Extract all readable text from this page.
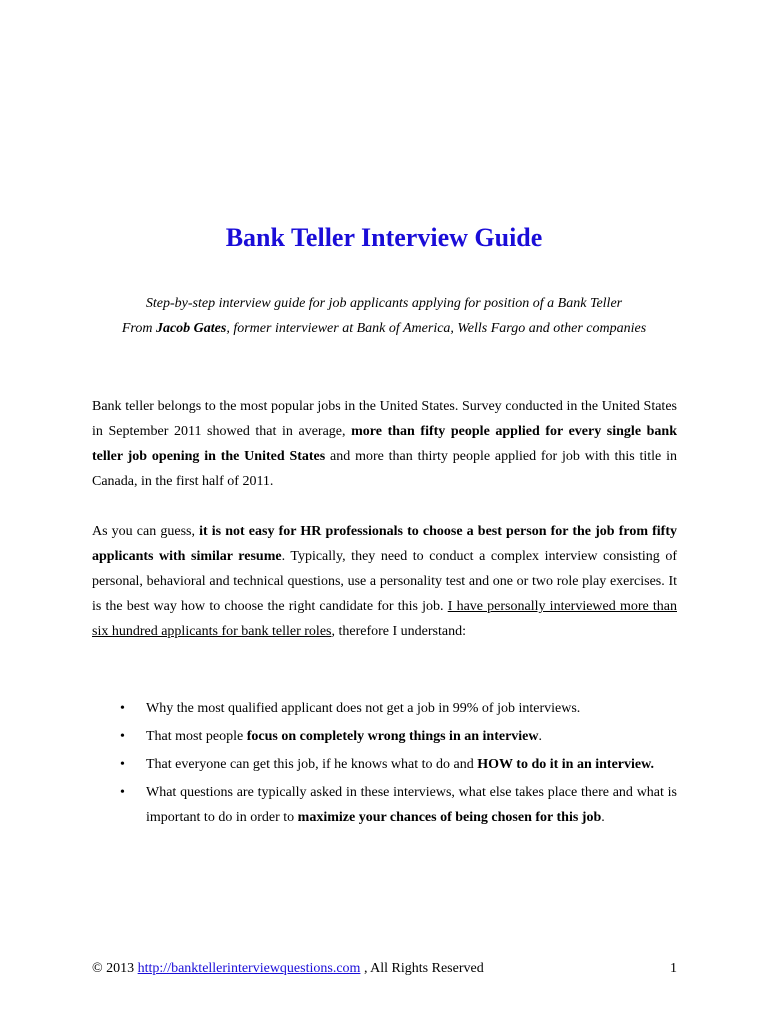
Bank Teller Interview Guide

Step-by-step interview guide for job applicants applying for position of a Bank Teller

From Jacob Gates, former interviewer at Bank of America, Wells Fargo and other companies

Bank teller belongs to the most popular jobs in the United States. Survey conducted in the United States in September 2011 showed that in average, more than fifty people applied for every single bank teller job opening in the United States and more than thirty people applied for job with this title in Canada, in the first half of 2011.

As you can guess, it is not easy for HR professionals to choose a best person for the job from fifty applicants with similar resume. Typically, they need to conduct a complex interview consisting of personal, behavioral and technical questions, use a personality test and one or two role play exercises. It is the best way how to choose the right candidate for this job. I have personally interviewed more than six hundred applicants for bank teller roles, therefore I understand:

• Why the most qualified applicant does not get a job in 99% of job interviews.
• That most people focus on completely wrong things in an interview.
• That everyone can get this job, if he knows what to do and HOW to do it in an interview.
• What questions are typically asked in these interviews, what else takes place there and what is important to do in order to maximize your chances of being chosen for this job.
© 2013 http://banktellerinterviewquestions.com , All Rights Reserved	1
